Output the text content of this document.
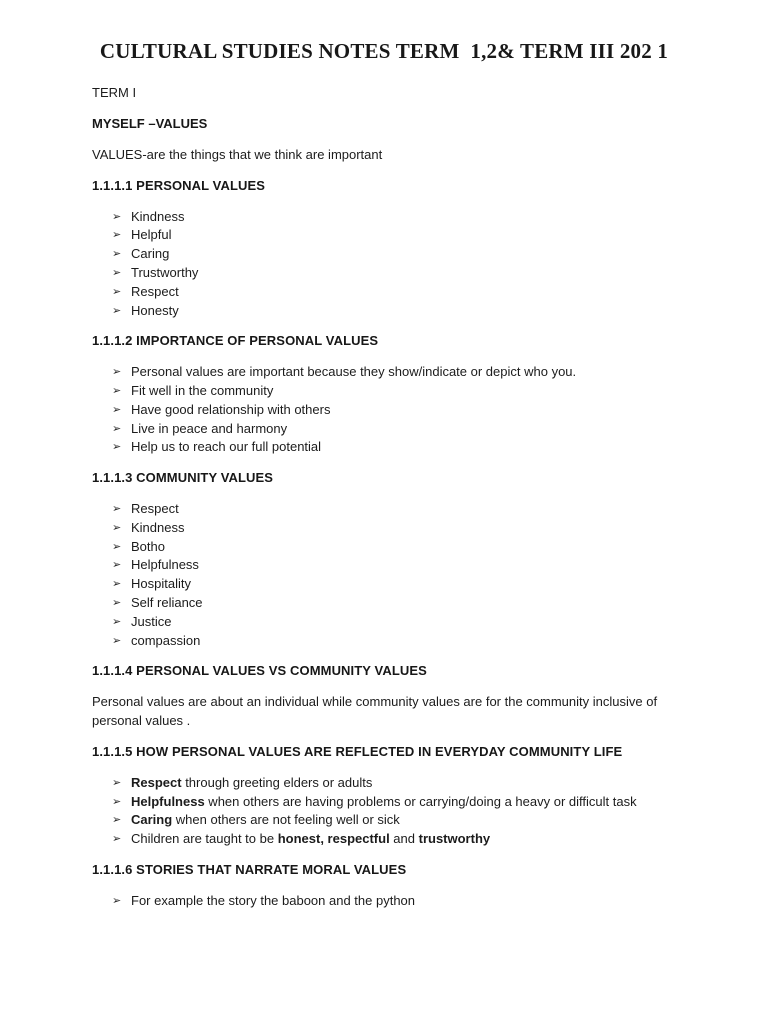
CULTURAL STUDIES NOTES TERM  1,2& TERM III 202 1

TERM I

MYSELF –VALUES

VALUES-are the things that we think are important

1.1.1.1 PERSONAL VALUES

➢ Kindness
➢ Helpful
➢ Caring
➢ Trustworthy
➢ Respect
➢ Honesty

1.1.1.2 IMPORTANCE OF PERSONAL VALUES

➢ Personal values are important because they show/indicate or depict who you.
➢ Fit well in the community
➢ Have good relationship with others
➢ Live in peace and harmony
➢ Help us to reach our full potential

1.1.1.3 COMMUNITY VALUES

➢ Respect
➢ Kindness
➢ Botho
➢ Helpfulness
➢ Hospitality
➢ Self reliance
➢ Justice
➢ compassion

1.1.1.4 PERSONAL VALUES VS COMMUNITY VALUES

Personal values are about an individual while community values are for the community inclusive of personal values .

1.1.1.5 HOW PERSONAL VALUES ARE REFLECTED IN EVERYDAY COMMUNITY LIFE

➢ Respect through greeting elders or adults
➢ Helpfulness when others are having problems or carrying/doing a heavy or difficult task
➢ Caring when others are not feeling well or sick
➢ Children are taught to be honest, respectful and trustworthy

1.1.1.6 STORIES THAT NARRATE MORAL VALUES

➢ For example the story the baboon and the python
